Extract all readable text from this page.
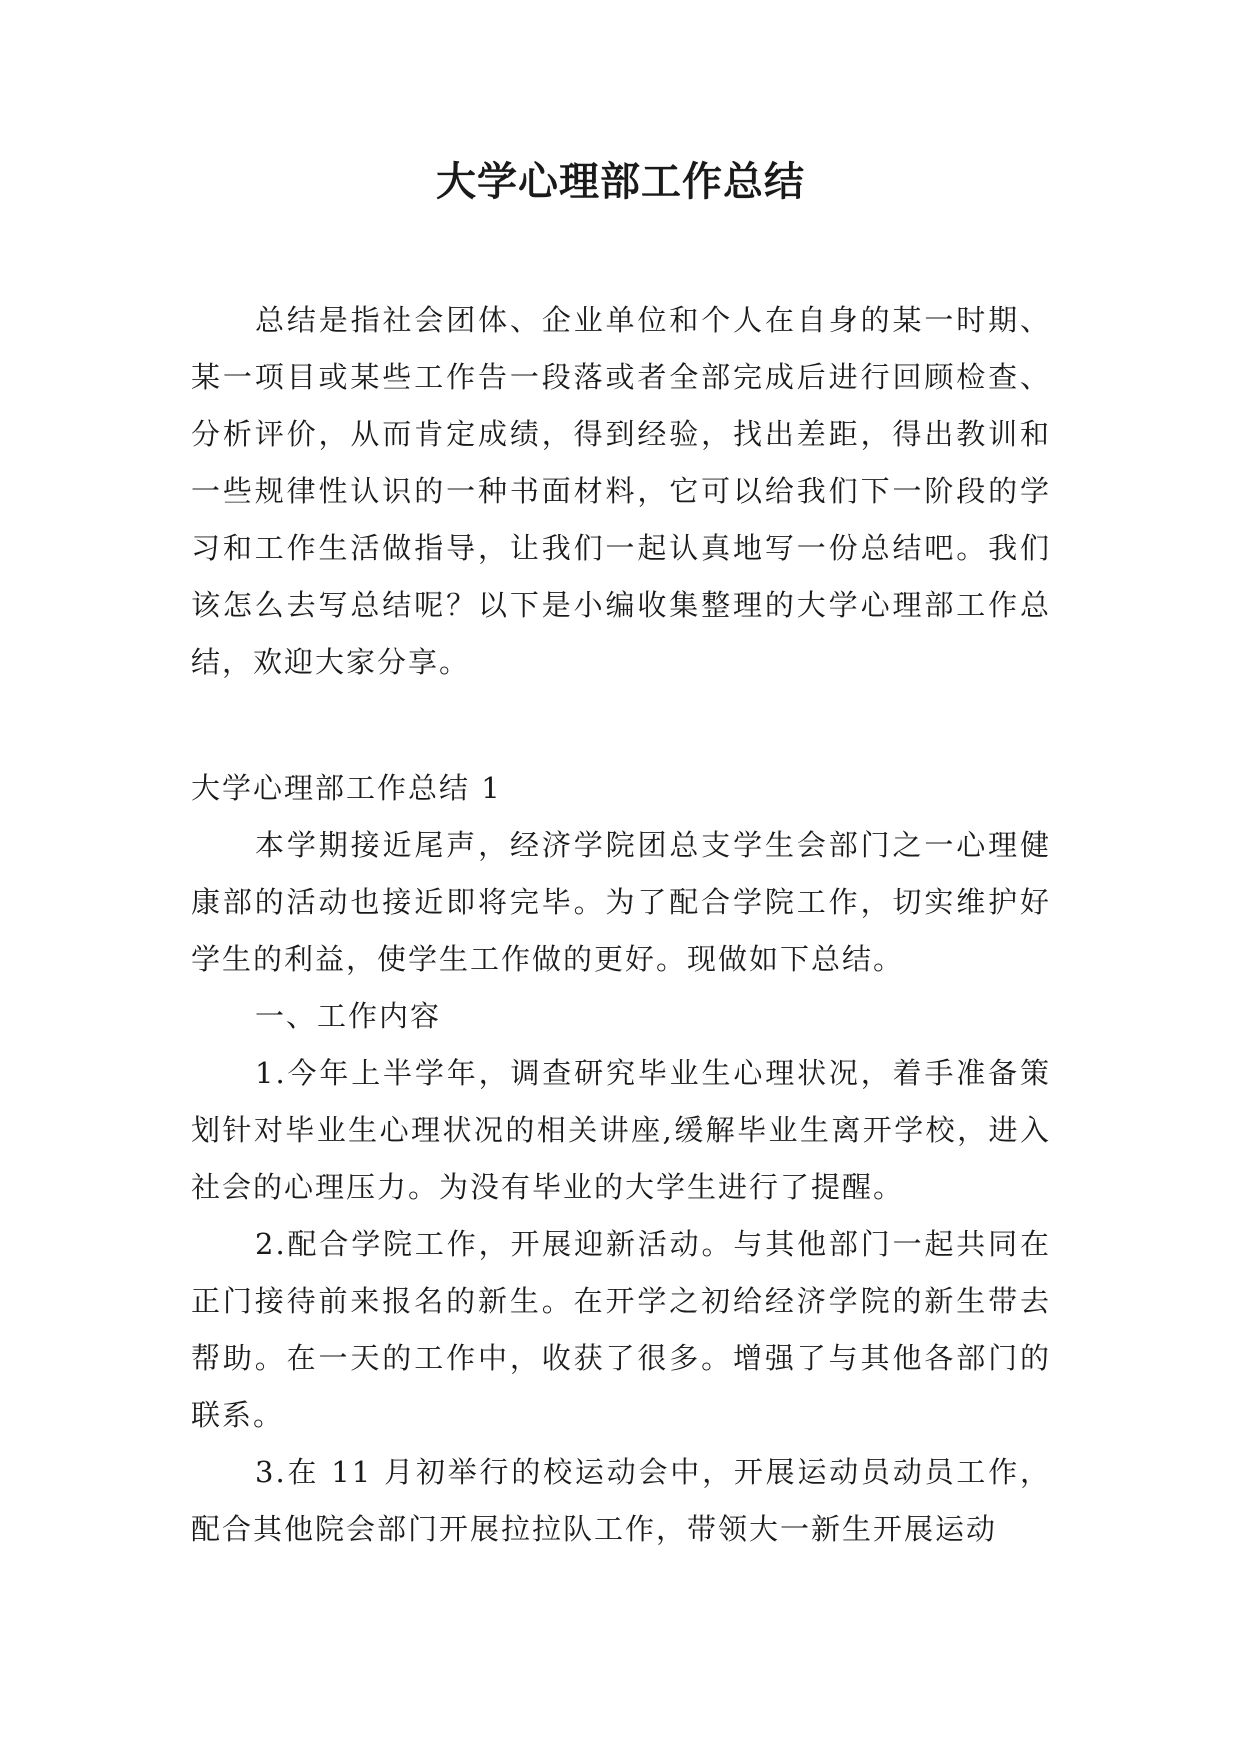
大学心理部工作总结

总结是指社会团体、企业单位和个人在自身的某一时期、某一项目或某些工作告一段落或者全部完成后进行回顾检查、分析评价，从而肯定成绩，得到经验，找出差距，得出教训和一些规律性认识的一种书面材料，它可以给我们下一阶段的学习和工作生活做指导，让我们一起认真地写一份总结吧。我们该怎么去写总结呢？以下是小编收集整理的大学心理部工作总结，欢迎大家分享。

大学心理部工作总结 1

本学期接近尾声，经济学院团总支学生会部门之一心理健康部的活动也接近即将完毕。为了配合学院工作，切实维护好学生的利益，使学生工作做的更好。现做如下总结。

一、工作内容

1.今年上半学年，调查研究毕业生心理状况，着手准备策划针对毕业生心理状况的相关讲座,缓解毕业生离开学校，进入社会的心理压力。为没有毕业的大学生进行了提醒。

2.配合学院工作，开展迎新活动。与其他部门一起共同在正门接待前来报名的新生。在开学之初给经济学院的新生带去帮助。在一天的工作中，收获了很多。增强了与其他各部门的联系。

3.在 11 月初举行的校运动会中，开展运动员动员工作，配合其他院会部门开展拉拉队工作，带领大一新生开展运动
